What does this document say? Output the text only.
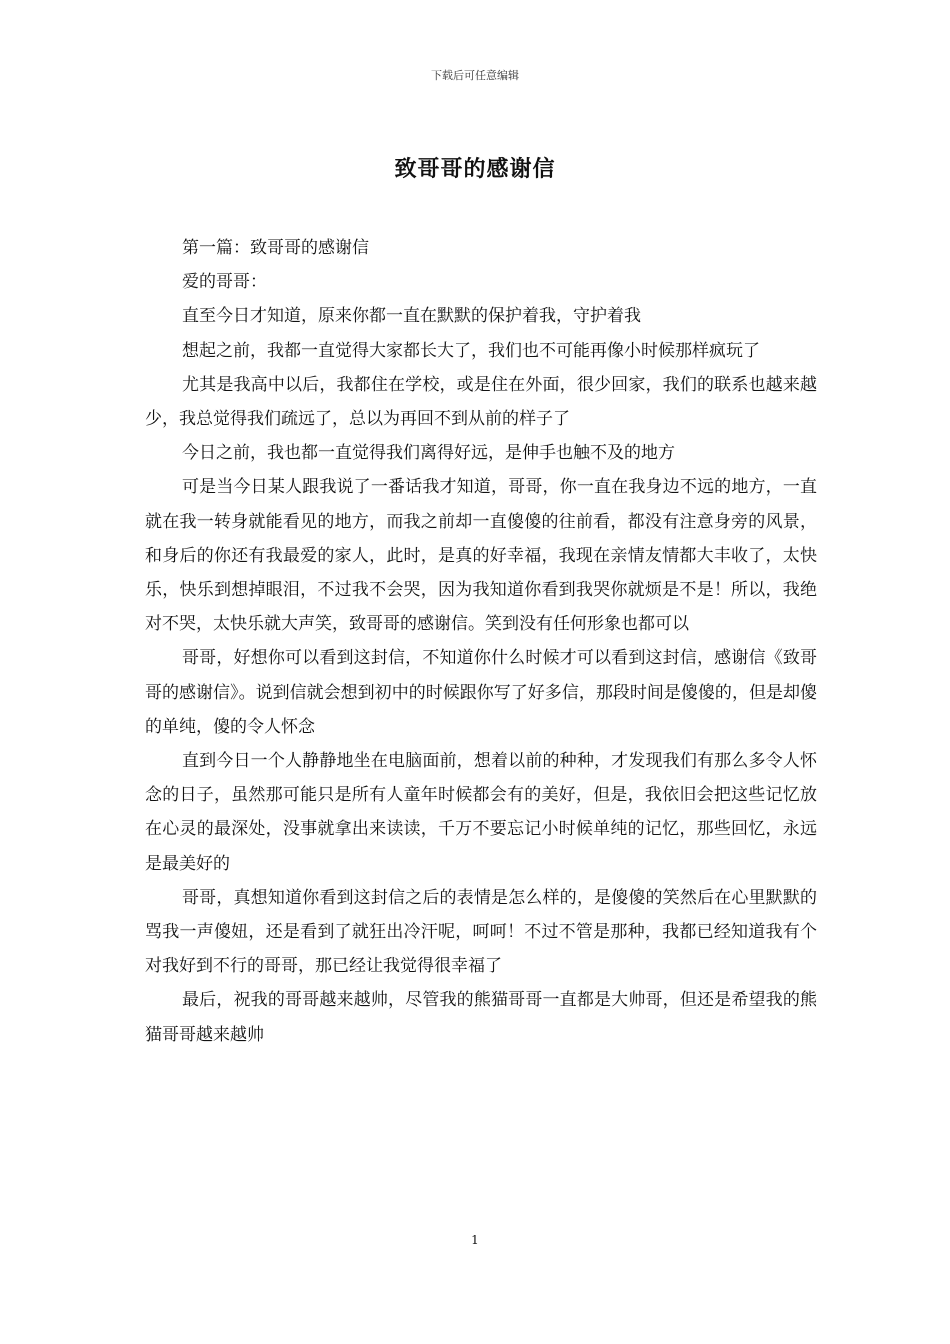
下载后可任意编辑
致哥哥的感谢信

第一篇：致哥哥的感谢信

爱的哥哥：

直至今日才知道，原来你都一直在默默的保护着我，守护着我

想起之前，我都一直觉得大家都长大了，我们也不可能再像小时候那样疯玩了

尤其是我高中以后，我都住在学校，或是住在外面，很少回家，我们的联系也越来越少，我总觉得我们疏远了，总以为再回不到从前的样子了

今日之前，我也都一直觉得我们离得好远，是伸手也触不及的地方

可是当今日某人跟我说了一番话我才知道，哥哥，你一直在我身边不远的地方，一直就在我一转身就能看见的地方，而我之前却一直傻傻的往前看，都没有注意身旁的风景，和身后的你还有我最爱的家人，此时，是真的好幸福，我现在亲情友情都大丰收了，太快乐，快乐到想掉眼泪，不过我不会哭，因为我知道你看到我哭你就烦是不是！所以，我绝对不哭，太快乐就大声笑，致哥哥的感谢信。笑到没有任何形象也都可以

哥哥，好想你可以看到这封信，不知道你什么时候才可以看到这封信，感谢信《致哥哥的感谢信》。说到信就会想到初中的时候跟你写了好多信，那段时间是傻傻的，但是却傻的单纯，傻的令人怀念

直到今日一个人静静地坐在电脑面前，想着以前的种种，才发现我们有那么多令人怀念的日子，虽然那可能只是所有人童年时候都会有的美好，但是，我依旧会把这些记忆放在心灵的最深处，没事就拿出来读读，千万不要忘记小时候单纯的记忆，那些回忆，永远是最美好的

哥哥，真想知道你看到这封信之后的表情是怎么样的，是傻傻的笑然后在心里默默的骂我一声傻妞，还是看到了就狂出冷汗呢，呵呵！不过不管是那种，我都已经知道我有个对我好到不行的哥哥，那已经让我觉得很幸福了

最后，祝我的哥哥越来越帅，尽管我的熊猫哥哥一直都是大帅哥，但还是希望我的熊猫哥哥越来越帅

1
